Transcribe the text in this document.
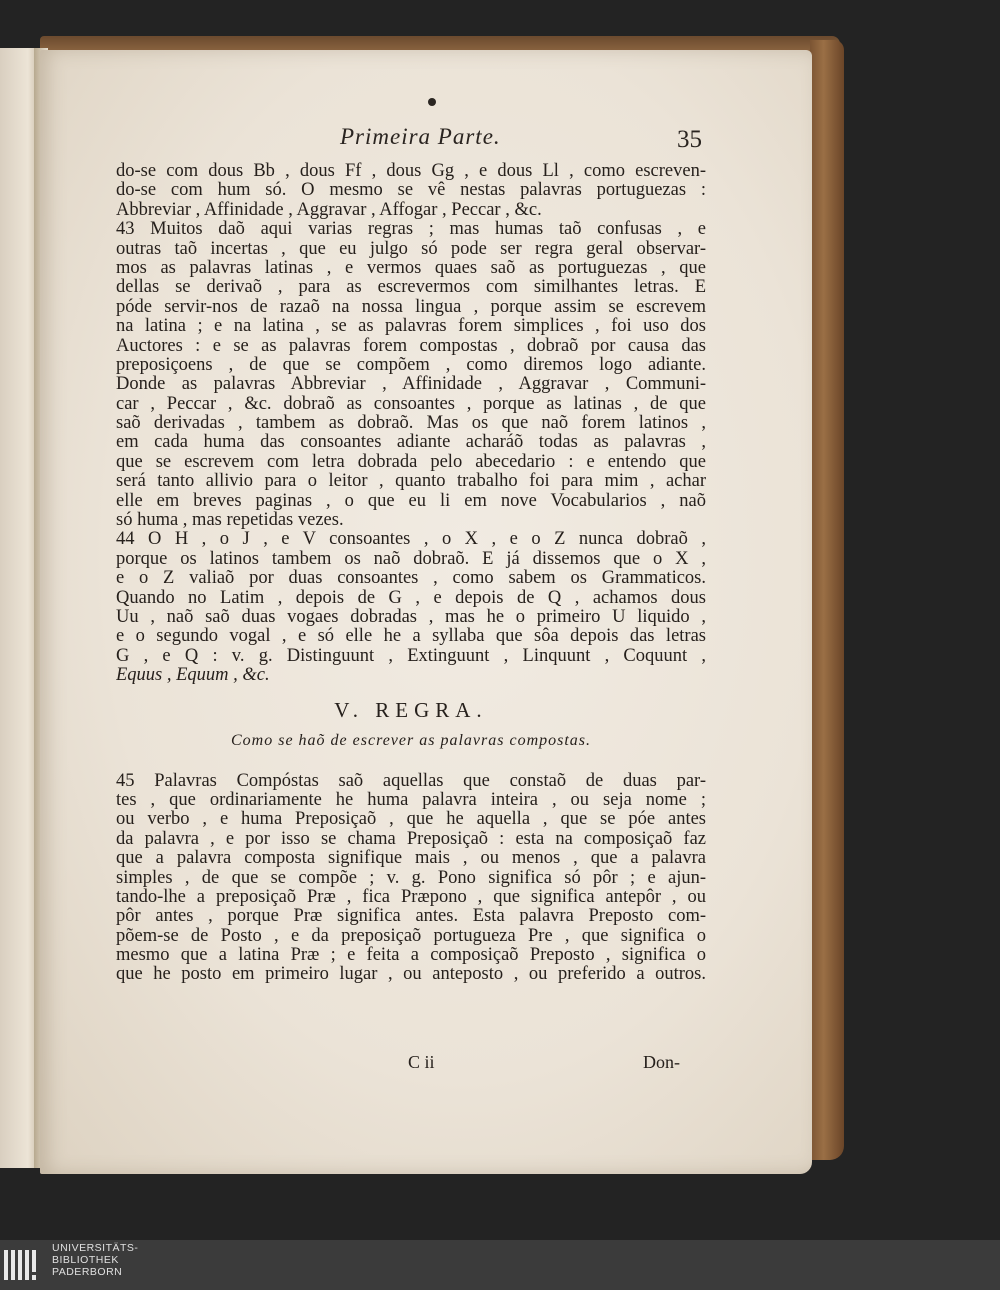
Primeira Parte.	35
do-se com dous Bb , dous Ff , dous Gg , e dous Ll , como escreven-
do-se com hum só. O mesmo se vê nestas palavras portuguezas :
Abbreviar , Affinidade , Aggravar , Affogar , Peccar , &c.
43 Muitos daõ aqui varias regras ; mas humas taõ confusas , e
outras taõ incertas , que eu julgo só pode ser regra geral observar-
mos as palavras latinas , e vermos quaes saõ as portuguezas , que
dellas se derivaõ , para as escrevermos com similhantes letras. E
póde servir-nos de razaõ na nossa lingua , porque assim se escrevem
na latina ; e na latina , se as palavras forem simplices , foi uso dos
Auctores : e se as palavras forem compostas , dobraõ por causa das
preposiçoens , de que se compõem , como diremos logo adiante.
Donde as palavras Abbreviar , Affinidade , Aggravar , Communi-
car , Peccar , &c. dobraõ as consoantes , porque as latinas , de que
saõ derivadas , tambem as dobraõ. Mas os que naõ forem latinos ,
em cada huma das consoantes adiante acharáõ todas as palavras ,
que se escrevem com letra dobrada pelo abecedario : e entendo que
será tanto allivio para o leitor , quanto trabalho foi para mim , achar
elle em breves paginas , o que eu li em nove Vocabularios , naõ
só huma , mas repetidas vezes.
44 O H , o J , e V consoantes , o X , e o Z nunca dobraõ ,
porque os latinos tambem os naõ dobraõ. E já dissemos que o X ,
e o Z valiaõ por duas consoantes , como sabem os Grammaticos.
Quando no Latim , depois de G , e depois de Q , achamos dous
Uu , naõ saõ duas vogaes dobradas , mas he o primeiro U liquido ,
e o segundo vogal , e só elle he a syllaba que sôa depois das letras
G , e Q : v. g. Distinguunt , Extinguunt , Linquunt , Coquunt ,
Equus , Equum , &c.
V. REGRA.
Como se haõ de escrever as palavras compostas.
45 Palavras Compóstas saõ aquellas que constaõ de duas par-
tes , que ordinariamente he huma palavra inteira , ou seja nome ;
ou verbo , e huma Preposiçaõ , que he aquella , que se póe antes
da palavra , e por isso se chama Preposiçaõ : esta na composiçaõ faz
que a palavra composta signifique mais , ou menos , que a palavra
simples , de que se compõe ; v. g. Pono significa só pôr ; e ajun-
tando-lhe a preposiçaõ Præ , fica Præpono , que significa antepôr , ou
pôr antes , porque Præ significa antes. Esta palavra Preposto com-
põem-se de Posto , e da preposiçaõ portugueza Pre , que significa o
mesmo que a latina Præ ; e feita a composiçaõ Preposto , significa o
que he posto em primeiro lugar , ou anteposto , ou preferido a outros.
C ii	Don-
UNIVERSITÄTS-
BIBLIOTHEK
PADERBORN
